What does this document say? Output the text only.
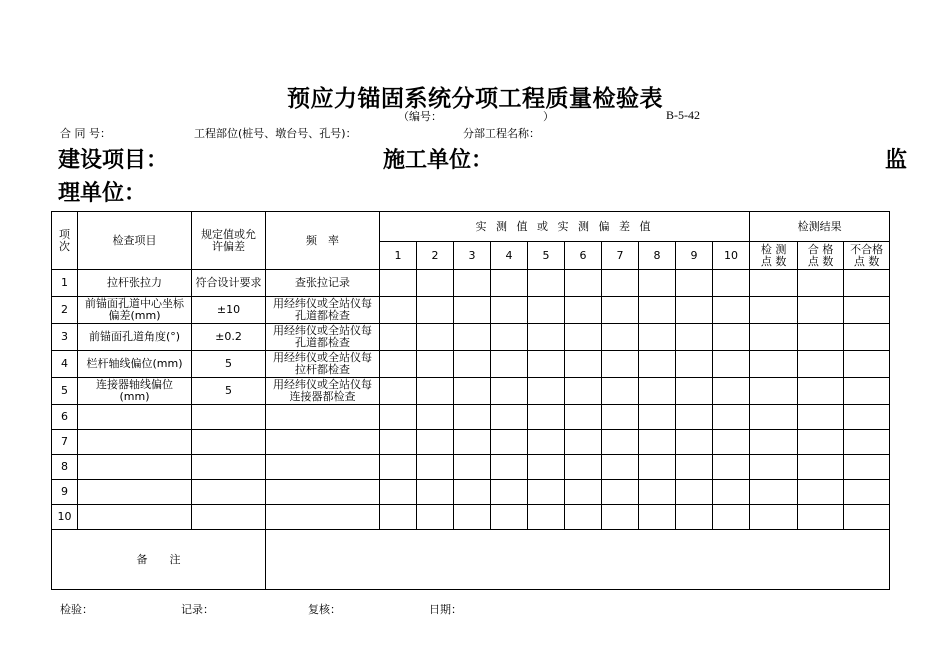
预应力锚固系统分项工程质量检验表
（编号：	）	B-5-42
合 同 号：	工程部位(桩号、墩台号、孔号)：	分部工程名称：
建设项目：	施工单位：	监
理单位：
项次	检查项目	规定值或允许偏差	频　率	实 测 值 或 实 测 偏 差 值										检测结果		
				1	2	3	4	5	6	7	8	9	10	检 测 点 数	合 格 点 数	不合格点 数
1	拉杆张拉力	符合设计要求	查张拉记录													
2	前锚面孔道中心坐标偏差(mm)	±10	用经纬仪或全站仪每孔道都检查													
3	前锚面孔道角度(°)	±0.2	用经纬仪或全站仪每孔道都检查													
4	栏杆轴线偏位(mm)	5	用经纬仪或全站仪每拉杆都检查													
5	连接器轴线偏位(mm)	5	用经纬仪或全站仪每连接器都检查													
6																
7																
8																
9																
10																
备　　注																
检验：	记录：	复核：	日期：
